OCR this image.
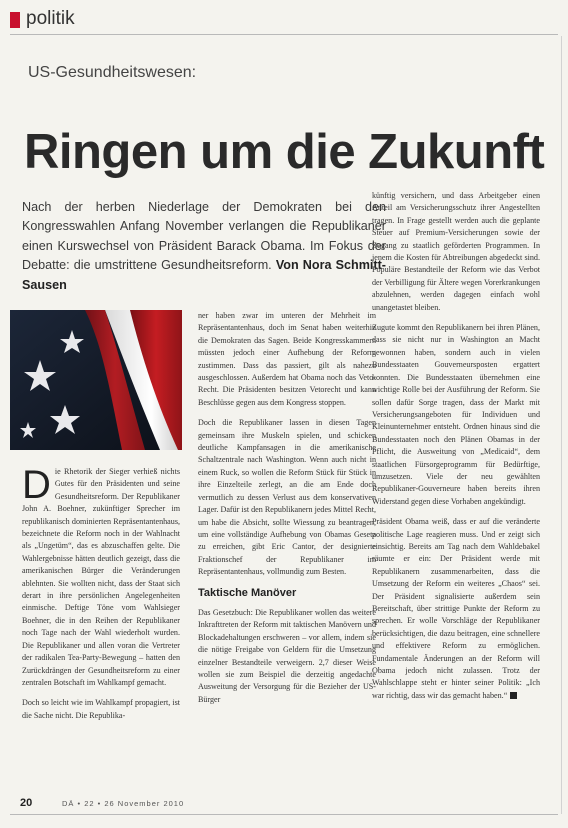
politik
US-Gesundheitswesen:
Ringen um die Zukunft
Nach der herben Niederlage der Demokraten bei den Kongresswahlen Anfang November verlangen die Republikaner einen Kurswechsel von Präsident Barack Obama. Im Fokus der Debatte: die umstrittene Gesundheitsreform. Von Nora Schmitt-Sausen

Die Rhetorik der Sieger verhieß nichts Gutes für den Präsidenten und seine Gesundheitsreform. Der Republikaner John A. Boehner, zukünftiger Sprecher im republikanisch dominierten Repräsentantenhaus, bezeichnete die Reform noch in der Wahlnacht als „Ungetüm“, das es abzuschaffen gelte. Die Wahlergebnisse hätten deutlich gezeigt, dass die amerikanischen Bürger die Veränderungen ablehnten. Sie wollten nicht, dass der Staat sich derart in ihre persönlichen Angelegenheiten einmische. Deftige Töne vom Wahlsieger Boehner, die in den Reihen der Republikaner noch Tage nach der Wahl wiederholt wurden. Die Republikaner und allen voran die Vertreter der radikalen Tea-Party-Bewegung – hatten den Zurückdrängen der Gesundheitsreform zu einer zentralen Botschaft im Wahlkampf gemacht.

Doch so leicht wie im Wahlkampf propagiert, ist die Sache nicht. Die Republika-

ner haben zwar im unteren der Mehrheit im Repräsentantenhaus, doch im Senat haben weiterhin die Demokraten das Sagen. Beide Kongresskammern müssten jedoch einer Aufhebung der Reform zustimmen. Dass das passiert, gilt als nahezu ausgeschlossen. Außerdem hat Obama noch das Veto-Recht. Die Präsidenten besitzen Vetorecht und kann Beschlüsse gegen aus dem Kongress stoppen.

Doch die Republikaner lassen in diesen Tagen gemeinsam ihre Muskeln spielen, und schicken deutliche Kampfansagen in die amerikanische Schaltzentrale nach Washington. Wenn auch nicht in einem Ruck, so wollen die Reform Stück für Stück in ihre Einzelteile zerlegt, an die am Ende doch vermutlich zu dessen Verlust aus dem konservativen Lager. Dafür ist den Republikanern jedes Mittel Recht, um habe die Absicht, sollte Wiessung zu beantragen, um eine vollständige Aufhebung von Obamas Gesetz zu erreichen, gibt Eric Cantor, der designierte Fraktionschef der Republikaner im Repräsentantenhaus, vollmundig zum Besten.

Taktische Manöver

Das Gesetzbuch: Die Republikaner wollen das weitere Inkrafttreten der Reform mit taktischen Manövern und Blockadehaltungen erschweren – vor allem, indem sie die nötige Freigabe von Geldern für die Umsetzung einzelner Bestandteile verweigern. 2,7 dieser Weise wollen sie zum Beispiel die derzeitig angedachte Ausweitung der Versorgung für die Bezieher der US-Bürger

künftig versichern, und dass Arbeitgeber einen Anteil am Versicherungsschutz ihrer Angestellten tragen. In Frage gestellt werden auch die geplante Steuer auf Premium-Versicherungen sowie der Zugang zu staatlich geförderten Programmen. In jenem die Kosten für Abtreibungen abgedeckt sind. Populäre Bestandteile der Reform wie das Verbot der Verbilligung für Ältere wegen Vorerkrankungen abzulehnen, werden dagegen einfach wohl unangetastet bleiben.

Zugute kommt den Republikanern bei ihren Plänen, dass sie nicht nur in Washington an Macht gewonnen haben, sondern auch in vielen Bundesstaaten Gouverneursposten ergattert konnten. Die Bundesstaaten übernehmen eine wichtige Rolle bei der Ausführung der Reform. Sie sollen dafür Sorge tragen, dass der Markt mit Versicherungsangeboten für Individuen und Kleinunternehmer entsteht. Ordnen hinaus sind die Bundesstaaten noch den Plänen Obamas in der Pflicht, die Ausweitung von „Medicaid“, dem staatlichen Fürsorgeprogramm für Bedürftige, umzusetzen. Viele der neu gewählten Republikaner-Gouverneure haben bereits ihren Widerstand gegen diese Vorhaben angekündigt.

Präsident Obama weiß, dass er auf die veränderte politische Lage reagieren muss. Und er zeigt sich einsichtig. Bereits am Tag nach dem Wahldebakel räumte er ein: Der Präsident werde mit Republikanern zusammenarbeiten, dass die Umsetzung der Reform ein weiteres „Chaos“ sei. Der Präsident signalisierte außerdem sein Bereitschaft, über strittige Punkte der Reform zu sprechen. Er wolle Vorschläge der Republikaner berücksichtigen, die dazu beitragen, eine schnellere und effektivere Reform zu ermöglichen. Fundamentale Änderungen an der Reform will Obama jedoch nicht zulassen. Trotz der Wahlschlappe steht er hinter seiner Politik: „Ich war richtig, dass wir das gemacht haben.“

20	DÄ • 22 • 26 November 2010
